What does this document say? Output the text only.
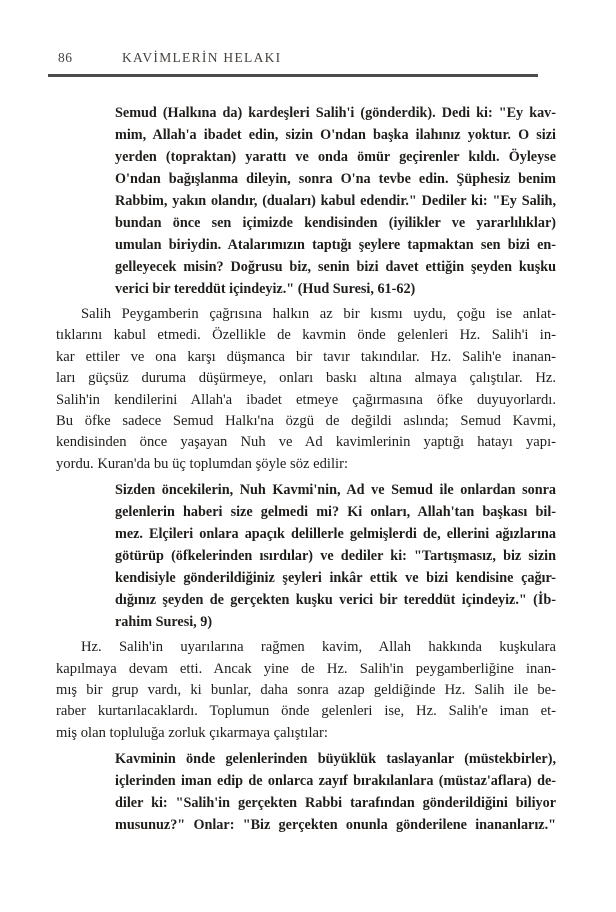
86	KAVİMLERİN HELAKI
Semud (Halkına da) kardeşleri Salih'i (gönderdik). Dedi ki: "Ey kav-
mim, Allah'a ibadet edin, sizin O'ndan başka ilahınız yoktur. O sizi
yerden (topraktan) yarattı ve onda ömür geçirenler kıldı. Öyleyse
O'ndan bağışlanma dileyin, sonra O'na tevbe edin. Şüphesiz benim
Rabbim, yakın olandır, (duaları) kabul edendir." Dediler ki: "Ey Salih,
bundan önce sen içimizde kendisinden (iyilikler ve yararlılıklar)
umulan biriydin. Atalarımızın taptığı şeylere tapmaktan sen bizi en-
gelleyecek misin? Doğrusu biz, senin bizi davet ettiğin şeyden kuşku
verici bir tereddüt içindeyiz." (Hud Suresi, 61-62)
Salih Peygamberin çağrısına halkın az bir kısmı uydu, çoğu ise anlat-
tıklarını kabul etmedi. Özellikle de kavmin önde gelenleri Hz. Salih'i in-
kar ettiler ve ona karşı düşmanca bir tavır takındılar. Hz. Salih'e inanan-
ları güçsüz duruma düşürmeye, onları baskı altına almaya çalıştılar. Hz.
Salih'in kendilerini Allah'a ibadet etmeye çağırmasına öfke duyuyorlardı.
Bu öfke sadece Semud Halkı'na özgü de değildi aslında; Semud Kavmi,
kendisinden önce yaşayan Nuh ve Ad kavimlerinin yaptığı hatayı yapı-
yordu. Kuran'da bu üç toplumdan şöyle söz edilir:
Sizden öncekilerin, Nuh Kavmi'nin, Ad ve Semud ile onlardan sonra
gelenlerin haberi size gelmedi mi? Ki onları, Allah'tan başkası bil-
mez. Elçileri onlara apaçık delillerle gelmişlerdi de, ellerini ağızlarına
götürüp (öfkelerinden ısırdılar) ve dediler ki: "Tartışmasız, biz sizin
kendisiyle gönderildiğiniz şeyleri inkâr ettik ve bizi kendisine çağır-
dığınız şeyden de gerçekten kuşku verici bir tereddüt içindeyiz." (İb-
rahim Suresi, 9)
Hz. Salih'in uyarılarına rağmen kavim, Allah hakkında kuşkulara
kapılmaya devam etti. Ancak yine de Hz. Salih'in peygamberliğine inan-
mış bir grup vardı, ki bunlar, daha sonra azap geldiğinde Hz. Salih ile be-
raber kurtarılacaklardı. Toplumun önde gelenleri ise, Hz. Salih'e iman et-
miş olan topluluğa zorluk çıkarmaya çalıştılar:
Kavminin önde gelenlerinden büyüklük taslayanlar (müstekbirler),
içlerinden iman edip de onlarca zayıf bırakılanlara (müstaz'aflara) de-
diler ki: "Salih'in gerçekten Rabbi tarafından gönderildiğini biliyor
musunuz?" Onlar: "Biz gerçekten onunla gönderilene inananlarız."
